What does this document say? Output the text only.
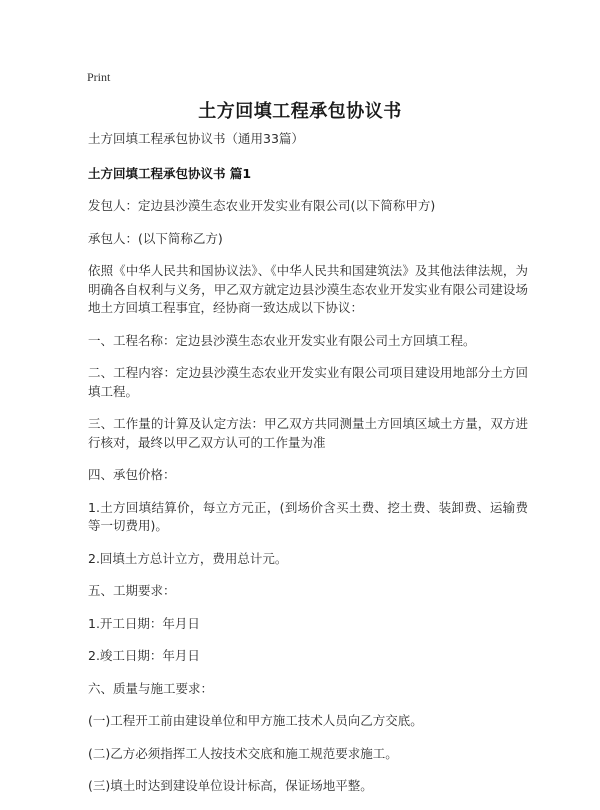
Print
土方回填工程承包协议书

土方回填工程承包协议书（通用33篇）

土方回填工程承包协议书 篇1

发包人：定边县沙漠生态农业开发实业有限公司(以下简称甲方)

承包人：(以下简称乙方)

依照《中华人民共和国协议法》、《中华人民共和国建筑法》及其他法律法规，为明确各自权利与义务，甲乙双方就定边县沙漠生态农业开发实业有限公司建设场地土方回填工程事宜，经协商一致达成以下协议：

一、工程名称：定边县沙漠生态农业开发实业有限公司土方回填工程。

二、工程内容：定边县沙漠生态农业开发实业有限公司项目建设用地部分土方回填工程。

三、工作量的计算及认定方法：甲乙双方共同测量土方回填区域土方量，双方进行核对，最终以甲乙双方认可的工作量为准

四、承包价格：

1.土方回填结算价，每立方元正，(到场价含买土费、挖土费、装卸费、运输费等一切费用)。

2.回填土方总计立方，费用总计元。

五、工期要求：

1.开工日期：年月日

2.竣工日期：年月日

六、质量与施工要求：

(一)工程开工前由建设单位和甲方施工技术人员向乙方交底。

(二)乙方必须指挥工人按技术交底和施工规范要求施工。

(三)填土时达到建设单位设计标高，保证场地平整。
